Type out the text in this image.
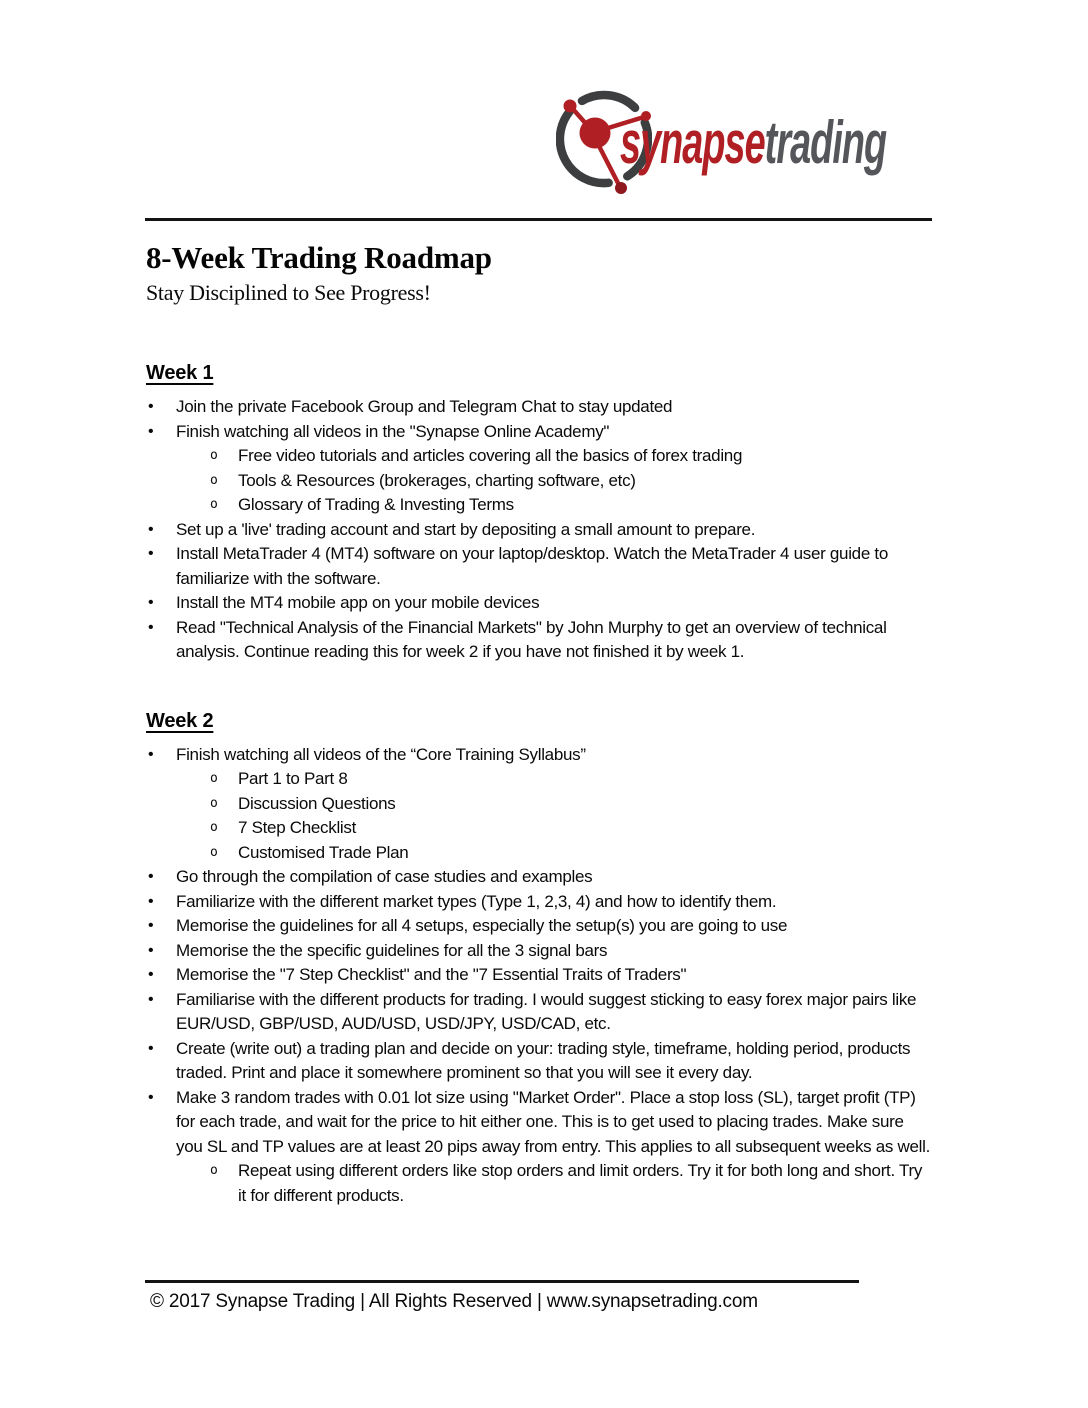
synapsetrading
8-Week Trading Roadmap
Stay Disciplined to See Progress!
Week 1
•	Join the private Facebook Group and Telegram Chat to stay updated
•	Finish watching all videos in the "Synapse Online Academy"
o	Free video tutorials and articles covering all the basics of forex trading
o	Tools & Resources (brokerages, charting software, etc)
o	Glossary of Trading & Investing Terms
•	Set up a 'live' trading account and start by depositing a small amount to prepare.
•	Install MetaTrader 4 (MT4) software on your laptop/desktop. Watch the MetaTrader 4 user guide to familiarize with the software.
•	Install the MT4 mobile app on your mobile devices
•	Read "Technical Analysis of the Financial Markets" by John Murphy to get an overview of technical analysis. Continue reading this for week 2 if you have not finished it by week 1.
Week 2
•	Finish watching all videos of the “Core Training Syllabus”
o	Part 1 to Part 8
o	Discussion Questions
o	7 Step Checklist
o	Customised Trade Plan
•	Go through the compilation of case studies and examples
•	Familiarize with the different market types (Type 1, 2,3, 4) and how to identify them.
•	Memorise the guidelines for all 4 setups, especially the setup(s) you are going to use
•	Memorise the the specific guidelines for all the 3 signal bars
•	Memorise the "7 Step Checklist" and the "7 Essential Traits of Traders"
•	Familiarise with the different products for trading. I would suggest sticking to easy forex major pairs like EUR/USD, GBP/USD, AUD/USD, USD/JPY, USD/CAD, etc.
•	Create (write out) a trading plan and decide on your: trading style, timeframe, holding period, products traded. Print and place it somewhere prominent so that you will see it every day.
•	Make 3 random trades with 0.01 lot size using "Market Order". Place a stop loss (SL), target profit (TP) for each trade, and wait for the price to hit either one. This is to get used to placing trades. Make sure you SL and TP values are at least 20 pips away from entry. This applies to all subsequent weeks as well.
o	Repeat using different orders like stop orders and limit orders. Try it for both long and short. Try it for different products.
© 2017 Synapse Trading | All Rights Reserved | www.synapsetrading.com
